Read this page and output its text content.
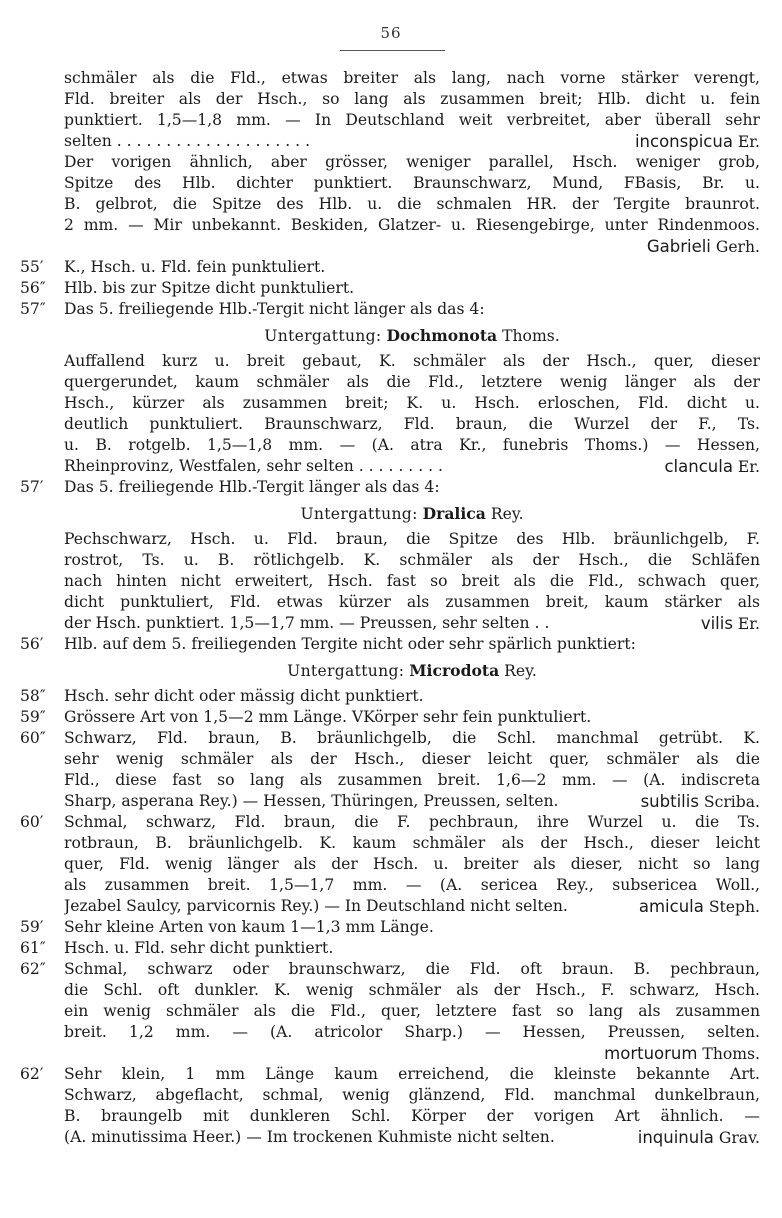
56
schmäler als die Fld., etwas breiter als lang, nach vorne stärker verengt,
Fld. breiter als der Hsch., so lang als zusammen breit; Hlb. dicht u. fein
punktiert. 1,5—1,8 mm. — In Deutschland weit verbreitet, aber überall sehr
selten . . . . . . . . . . . . . . . . . . . .	inconspicua Er.
Der vorigen ähnlich, aber grösser, weniger parallel, Hsch. weniger grob,
Spitze des Hlb. dichter punktiert. Braunschwarz, Mund, FBasis, Br. u.
B. gelbrot, die Spitze des Hlb. u. die schmalen HR. der Tergite braunrot.
2 mm. — Mir unbekannt. Beskiden, Glatzer- u. Riesengebirge, unter Rindenmoos.
Gabrieli Gerh.
55′	K., Hsch. u. Fld. fein punktuliert.
56″	Hlb. bis zur Spitze dicht punktuliert.
57″	Das 5. freiliegende Hlb.-Tergit nicht länger als das 4:
Untergattung: Dochmonota Thoms.
Auffallend kurz u. breit gebaut, K. schmäler als der Hsch., quer, dieser
quergerundet, kaum schmäler als die Fld., letztere wenig länger als der
Hsch., kürzer als zusammen breit; K. u. Hsch. erloschen, Fld. dicht u.
deutlich punktuliert. Braunschwarz, Fld. braun, die Wurzel der F., Ts.
u. B. rotgelb. 1,5—1,8 mm. — (A. atra Kr., funebris Thoms.) — Hessen,
Rheinprovinz, Westfalen, sehr selten . . . . . . . . .	clancula Er.
57′	Das 5. freiliegende Hlb.-Tergit länger als das 4:
Untergattung: Dralica Rey.
Pechschwarz, Hsch. u. Fld. braun, die Spitze des Hlb. bräunlichgelb, F.
rostrot, Ts. u. B. rötlichgelb. K. schmäler als der Hsch., die Schläfen
nach hinten nicht erweitert, Hsch. fast so breit als die Fld., schwach quer,
dicht punktuliert, Fld. etwas kürzer als zusammen breit, kaum stärker als
der Hsch. punktiert. 1,5—1,7 mm. — Preussen, sehr selten . .	vilis Er.
56′	Hlb. auf dem 5. freiliegenden Tergite nicht oder sehr spärlich punktiert:
Untergattung: Microdota Rey.
58″	Hsch. sehr dicht oder mässig dicht punktiert.
59″	Grössere Art von 1,5—2 mm Länge. VKörper sehr fein punktuliert.
60″	Schwarz, Fld. braun, B. bräunlichgelb, die Schl. manchmal getrübt. K.
sehr wenig schmäler als der Hsch., dieser leicht quer, schmäler als die
Fld., diese fast so lang als zusammen breit. 1,6—2 mm. — (A. indiscreta
Sharp, asperana Rey.) — Hessen, Thüringen, Preussen, selten.	subtilis Scriba.
60′	Schmal, schwarz, Fld. braun, die F. pechbraun, ihre Wurzel u. die Ts.
rotbraun, B. bräunlichgelb. K. kaum schmäler als der Hsch., dieser leicht
quer, Fld. wenig länger als der Hsch. u. breiter als dieser, nicht so lang
als zusammen breit. 1,5—1,7 mm. — (A. sericea Rey., subsericea Woll.,
Jezabel Saulcy, parvicornis Rey.) — In Deutschland nicht selten.	amicula Steph.
59′	Sehr kleine Arten von kaum 1—1,3 mm Länge.
61″	Hsch. u. Fld. sehr dicht punktiert.
62″	Schmal, schwarz oder braunschwarz, die Fld. oft braun. B. pechbraun,
die Schl. oft dunkler. K. wenig schmäler als der Hsch., F. schwarz, Hsch.
ein wenig schmäler als die Fld., quer, letztere fast so lang als zusammen
breit. 1,2 mm. — (A. atricolor Sharp.) — Hessen, Preussen, selten.
mortuorum Thoms.
62′	Sehr klein, 1 mm Länge kaum erreichend, die kleinste bekannte Art.
Schwarz, abgeflacht, schmal, wenig glänzend, Fld. manchmal dunkelbraun,
B. braungelb mit dunkleren Schl. Körper der vorigen Art ähnlich. —
(A. minutissima Heer.) — Im trockenen Kuhmiste nicht selten.	inquinula Grav.
